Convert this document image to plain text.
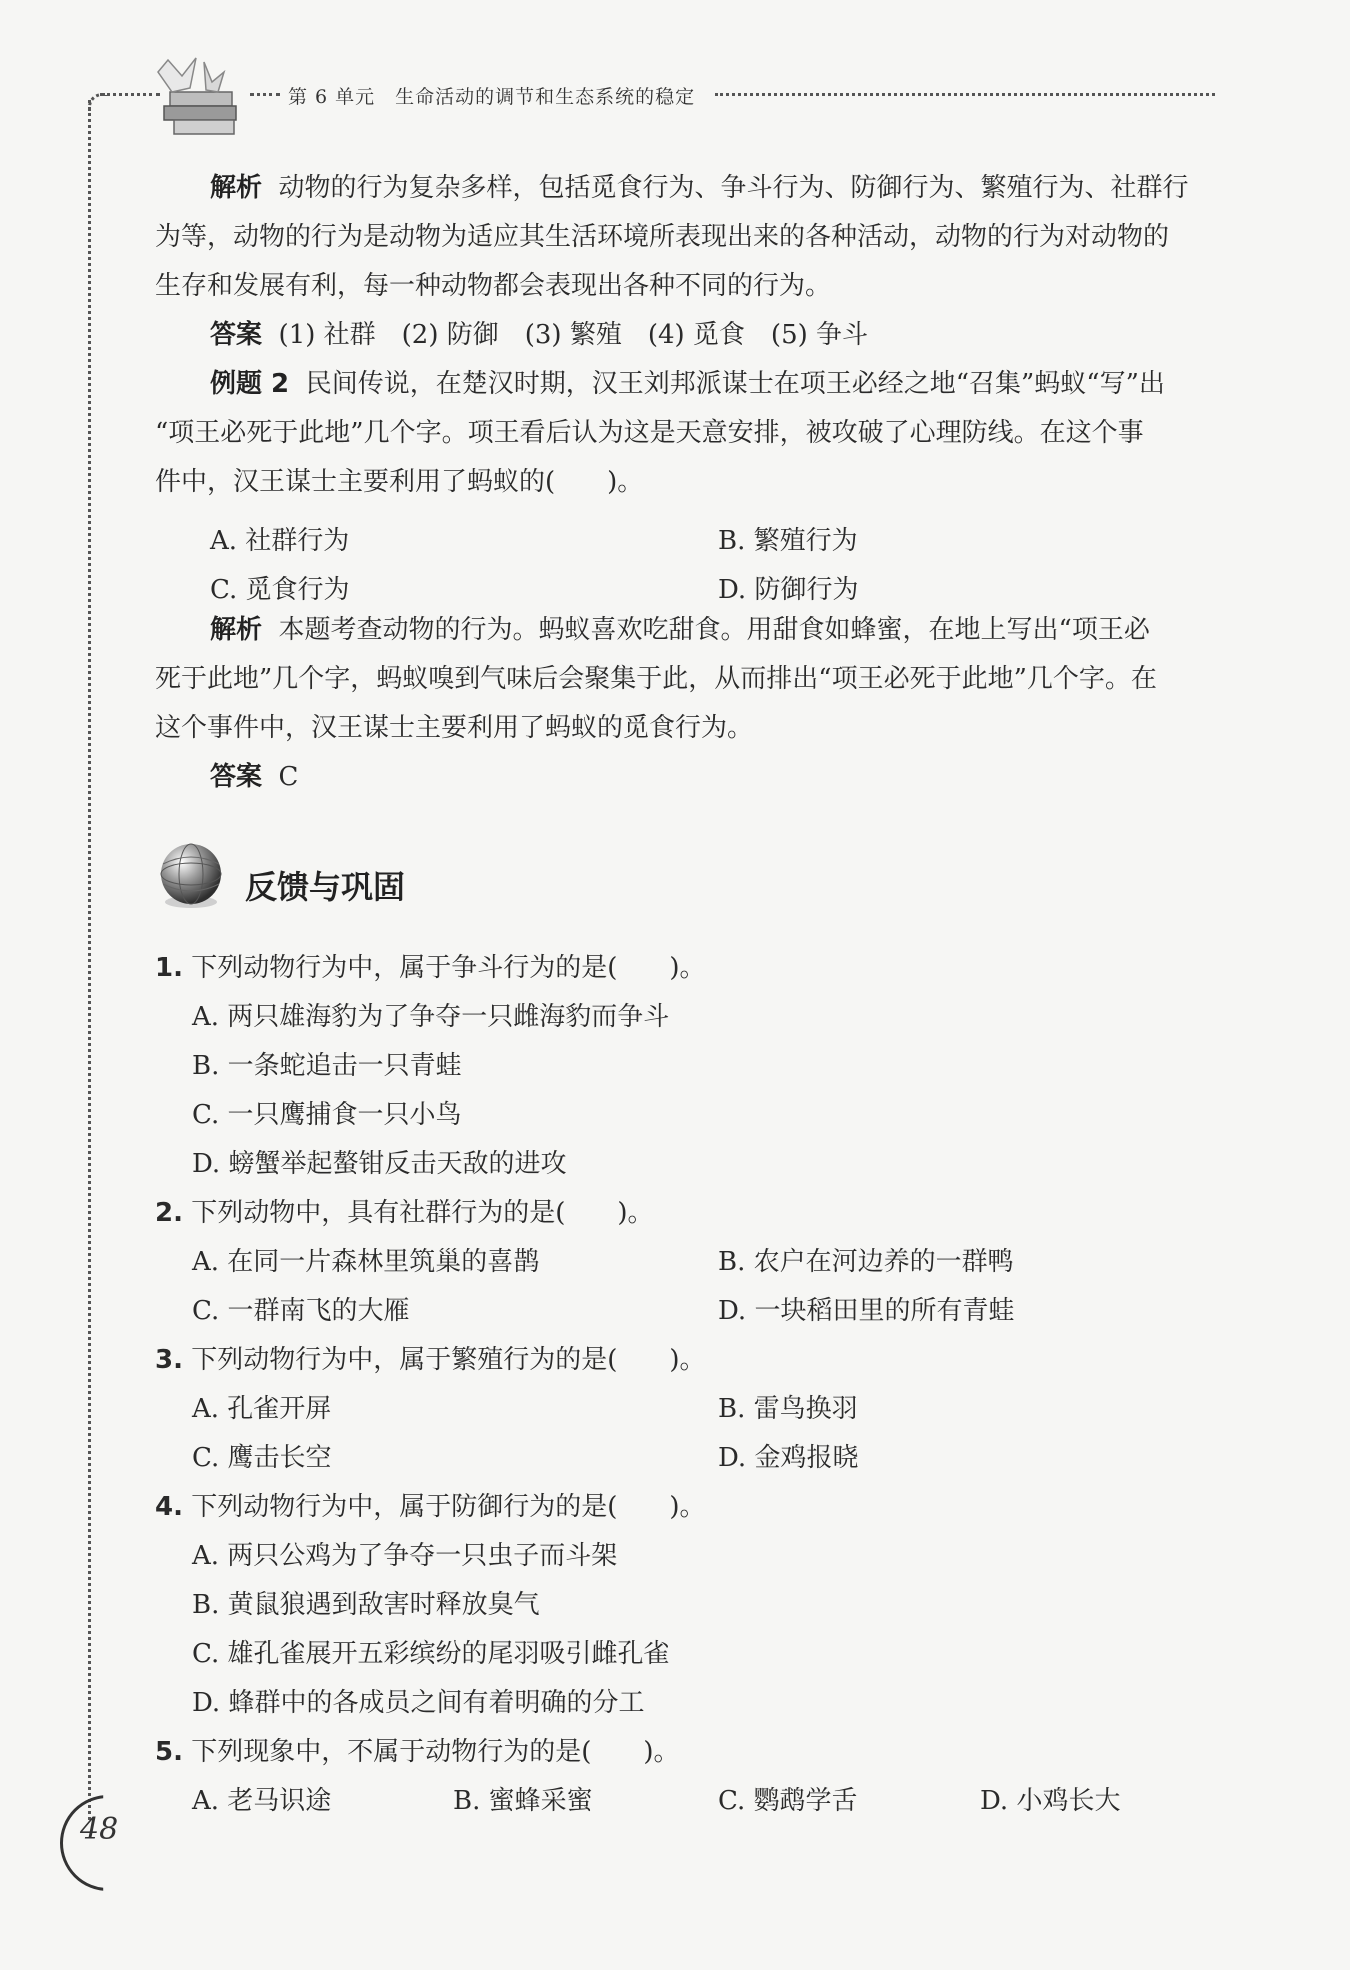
第 6 单元　生命活动的调节和生态系统的稳定
解析 动物的行为复杂多样，包括觅食行为、争斗行为、防御行为、繁殖行为、社群行
为等，动物的行为是动物为适应其生活环境所表现出来的各种活动，动物的行为对动物的
生存和发展有利，每一种动物都会表现出各种不同的行为。
答案 (1) 社群　(2) 防御　(3) 繁殖　(4) 觅食　(5) 争斗
例题 2 民间传说，在楚汉时期，汉王刘邦派谋士在项王必经之地“召集”蚂蚁“写”出
“项王必死于此地”几个字。项王看后认为这是天意安排，被攻破了心理防线。在这个事
件中，汉王谋士主要利用了蚂蚁的(　　)。
A. 社群行为	B. 繁殖行为
C. 觅食行为	D. 防御行为
解析 本题考查动物的行为。蚂蚁喜欢吃甜食。用甜食如蜂蜜，在地上写出“项王必
死于此地”几个字，蚂蚁嗅到气味后会聚集于此，从而排出“项王必死于此地”几个字。在
这个事件中，汉王谋士主要利用了蚂蚁的觅食行为。
答案 C
反馈与巩固
1. 下列动物行为中，属于争斗行为的是(　　)。
A. 两只雄海豹为了争夺一只雌海豹而争斗
B. 一条蛇追击一只青蛙
C. 一只鹰捕食一只小鸟
D. 螃蟹举起螯钳反击天敌的进攻
2. 下列动物中，具有社群行为的是(　　)。
A. 在同一片森林里筑巢的喜鹊	B. 农户在河边养的一群鸭
C. 一群南飞的大雁	D. 一块稻田里的所有青蛙
3. 下列动物行为中，属于繁殖行为的是(　　)。
A. 孔雀开屏	B. 雷鸟换羽
C. 鹰击长空	D. 金鸡报晓
4. 下列动物行为中，属于防御行为的是(　　)。
A. 两只公鸡为了争夺一只虫子而斗架
B. 黄鼠狼遇到敌害时释放臭气
C. 雄孔雀展开五彩缤纷的尾羽吸引雌孔雀
D. 蜂群中的各成员之间有着明确的分工
5. 下列现象中，不属于动物行为的是(　　)。
A. 老马识途	B. 蜜蜂采蜜	C. 鹦鹉学舌	D. 小鸡长大
48
